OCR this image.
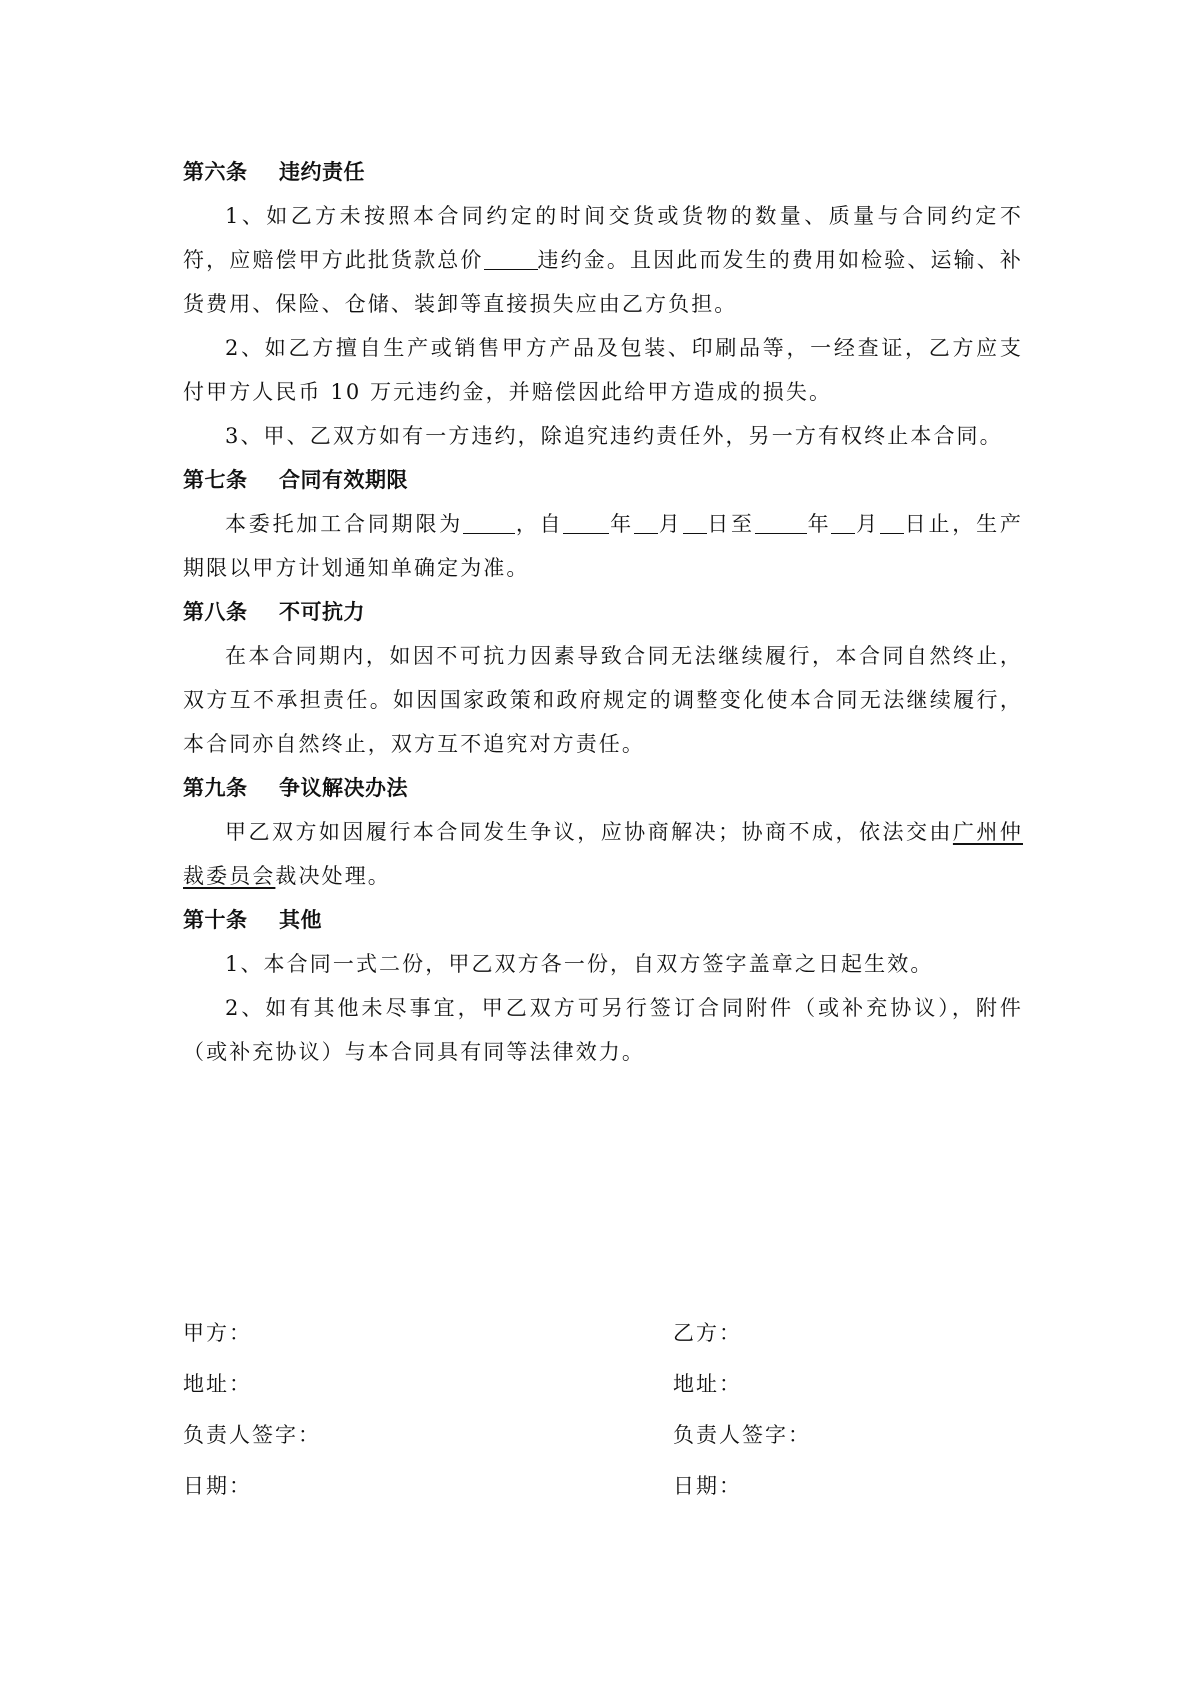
第六条 违约责任

1、如乙方未按照本合同约定的时间交货或货物的数量、质量与合同约定不符，应赔偿甲方此批货款总价	违约金。且因此而发生的费用如检验、运输、补货费用、保险、仓储、装卸等直接损失应由乙方负担。

2、如乙方擅自生产或销售甲方产品及包装、印刷品等，一经查证，乙方应支付甲方人民币 10 万元违约金，并赔偿因此给甲方造成的损失。

3、甲、乙双方如有一方违约，除追究违约责任外，另一方有权终止本合同。

第七条 合同有效期限

本委托加工合同期限为 ，自 年 月 日至 年 月 日止，生产期限以甲方计划通知单确定为准。

第八条 不可抗力

在本合同期内，如因不可抗力因素导致合同无法继续履行，本合同自然终止，双方互不承担责任。如因国家政策和政府规定的调整变化使本合同无法继续履行，本合同亦自然终止，双方互不追究对方责任。

第九条 争议解决办法

甲乙双方如因履行本合同发生争议，应协商解决；协商不成，依法交由广州仲裁委员会裁决处理。

第十条 其他

1、本合同一式二份，甲乙双方各一份，自双方签字盖章之日起生效。

2、如有其他未尽事宜，甲乙双方可另行签订合同附件（或补充协议），附件（或补充协议）与本合同具有同等法律效力。

甲方：	乙方：
地址：	地址：
负责人签字：	负责人签字：
日期：	日期：
